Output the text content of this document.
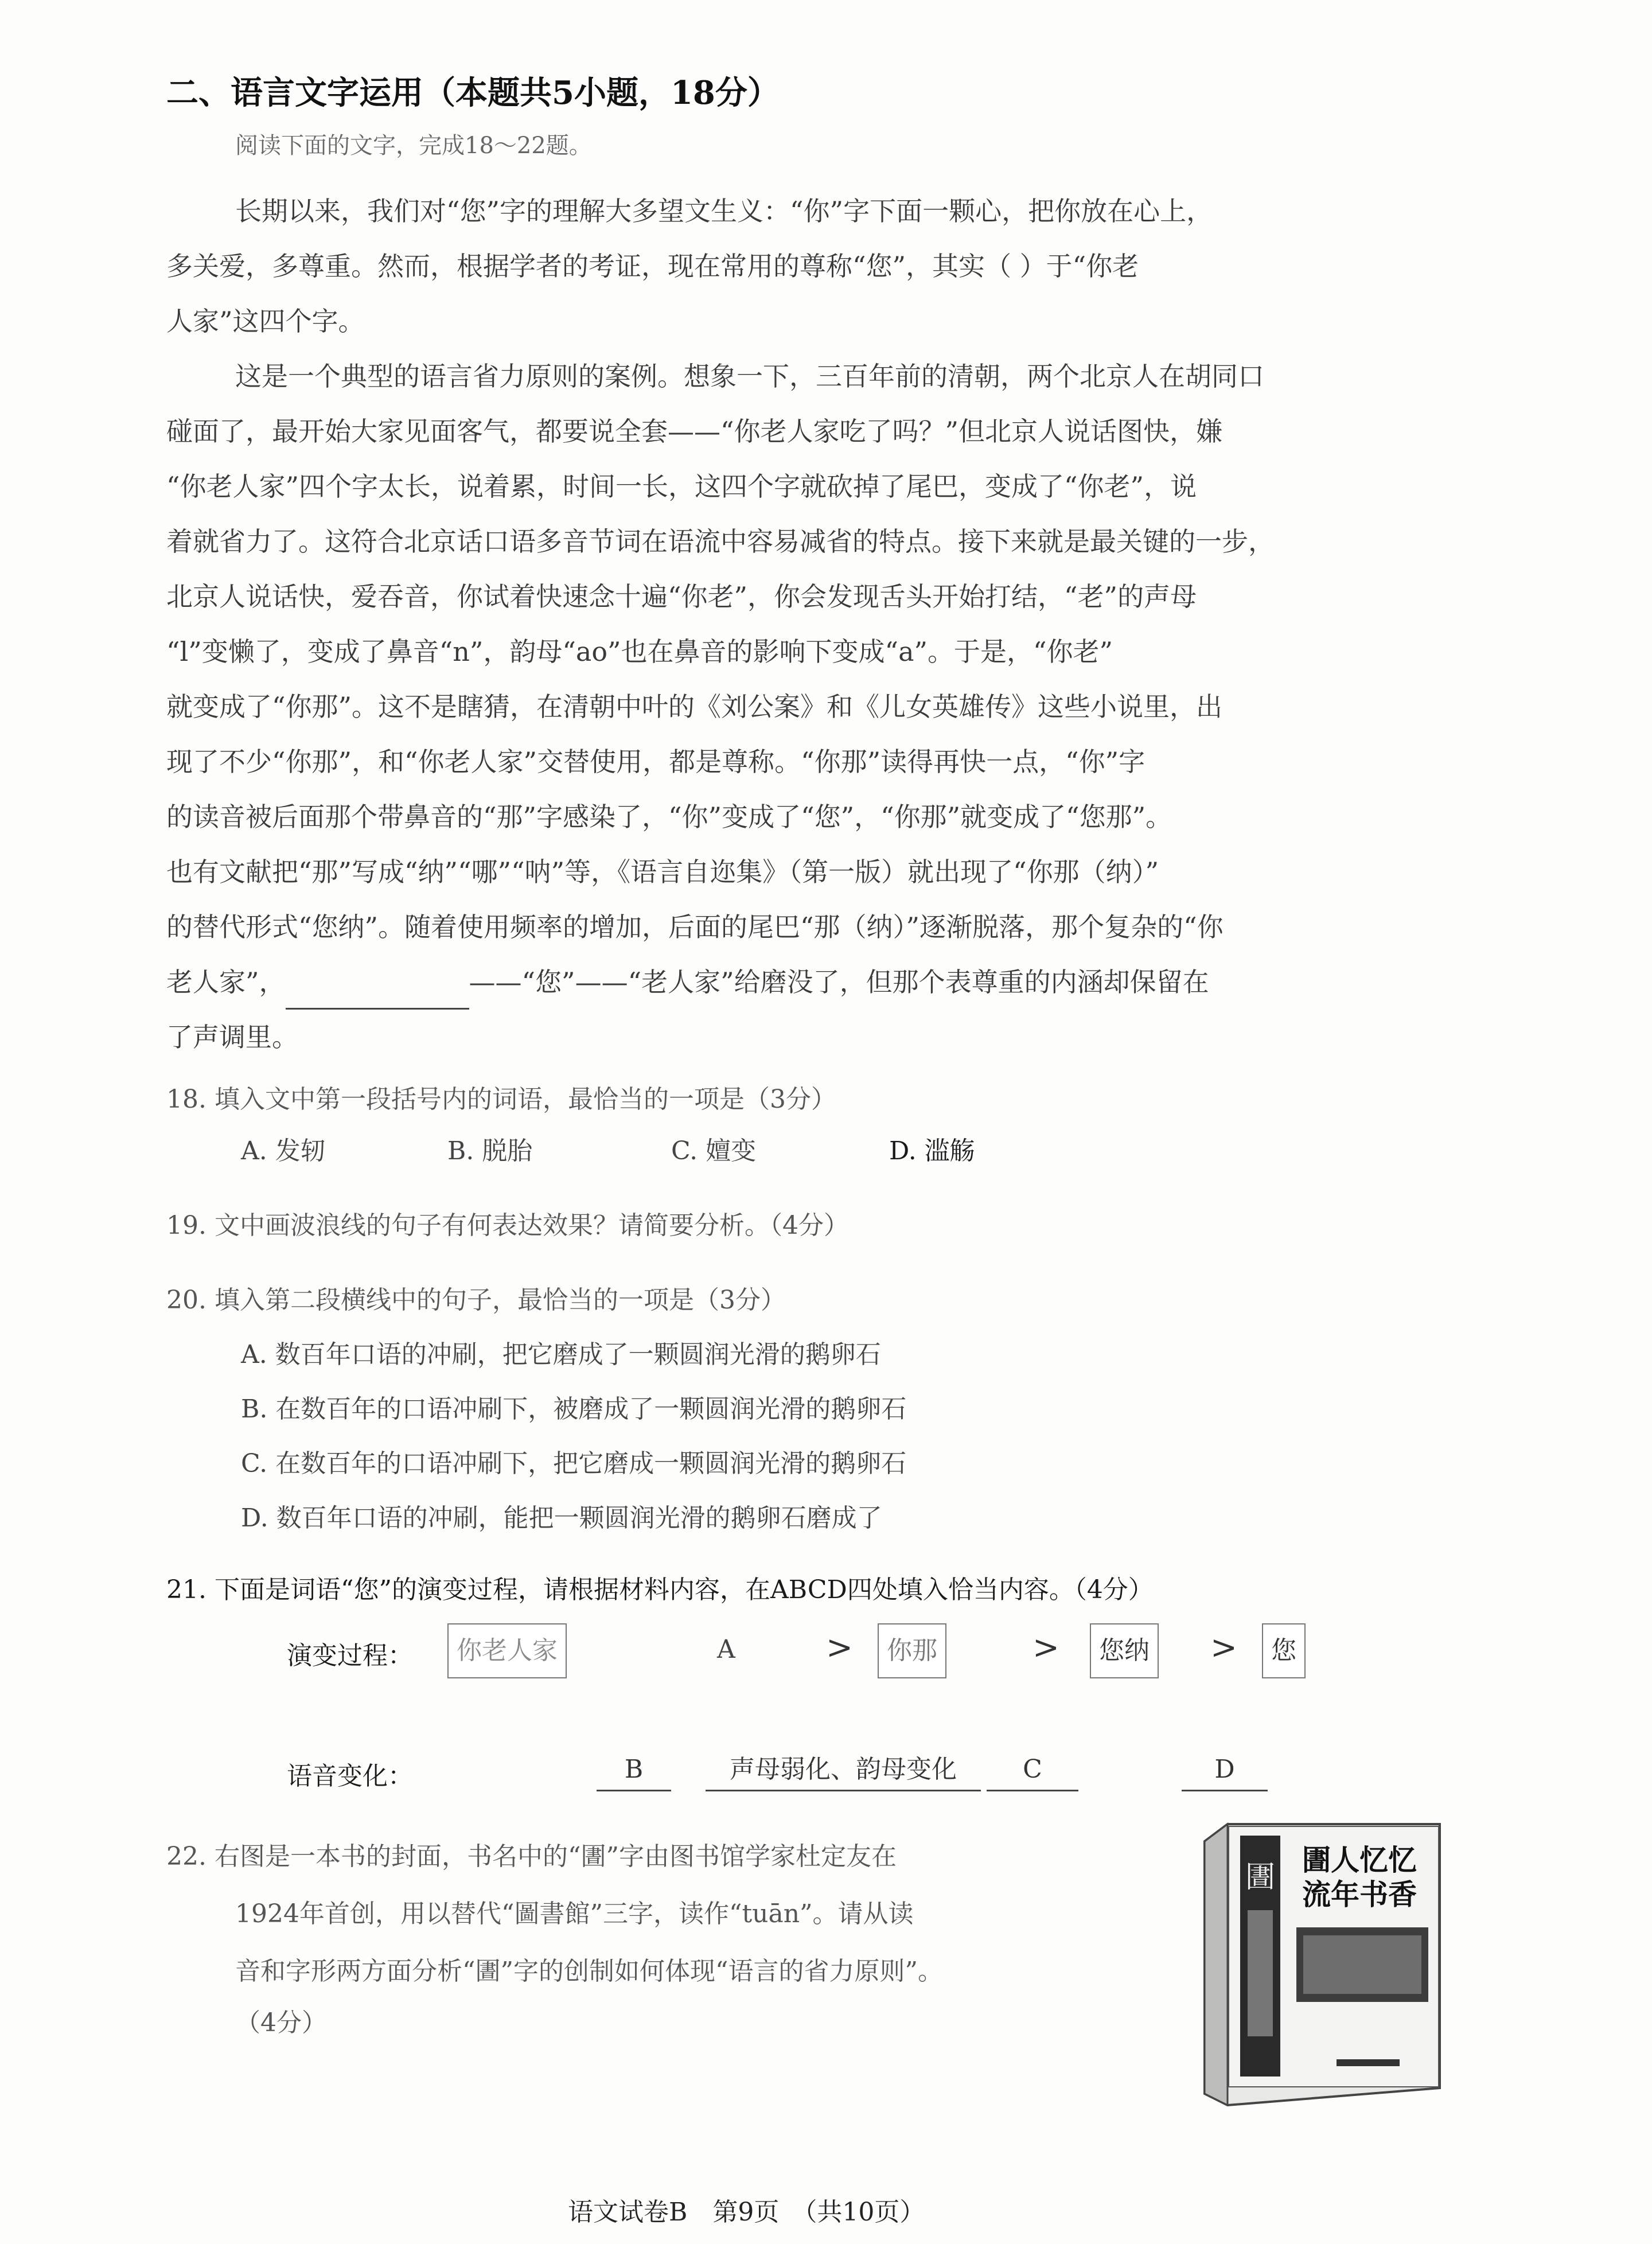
二、语言文字运用（本题共5小题，18分）
阅读下面的文字，完成18～22题。
长期以来，我们对“您”字的理解大多望文生义：“你”字下面一颗心，把你放在心上，
多关爱，多尊重。然而，根据学者的考证，现在常用的尊称“您”，其实（ ）于“你老
人家”这四个字。
这是一个典型的语言省力原则的案例。想象一下，三百年前的清朝，两个北京人在胡同口
碰面了，最开始大家见面客气，都要说全套——“你老人家吃了吗？”但北京人说话图快，嫌
“你老人家”四个字太长，说着累，时间一长，这四个字就砍掉了尾巴，变成了“你老”，说
着就省力了。这符合北京话口语多音节词在语流中容易减省的特点。接下来就是最关键的一步，
北京人说话快，爱吞音，你试着快速念十遍“你老”，你会发现舌头开始打结，“老”的声母
“l”变懒了，变成了鼻音“n”，韵母“ao”也在鼻音的影响下变成“a”。于是，“你老”
就变成了“你那”。这不是瞎猜，在清朝中叶的《刘公案》和《儿女英雄传》这些小说里，出
现了不少“你那”，和“你老人家”交替使用，都是尊称。“你那”读得再快一点，“你”字
的读音被后面那个带鼻音的“那”字感染了，“你”变成了“您”，“你那”就变成了“您那”。
也有文献把“那”写成“纳”“哪”“呐”等，《语言自迩集》（第一版）就出现了“你那（纳）”
的替代形式“您纳”。随着使用频率的增加，后面的尾巴“那（纳）”逐渐脱落，那个复杂的“你
老人家”，	——“您”——“老人家”给磨没了，但那个表尊重的内涵却保留在
了声调里。
18. 填入文中第一段括号内的词语，最恰当的一项是（3分）
A. 发轫	B. 脱胎	C. 嬗变	D. 滥觞
19. 文中画波浪线的句子有何表达效果？请简要分析。（4分）
20. 填入第二段横线中的句子，最恰当的一项是（3分）
A. 数百年口语的冲刷，把它磨成了一颗圆润光滑的鹅卵石
B. 在数百年的口语冲刷下，被磨成了一颗圆润光滑的鹅卵石
C. 在数百年的口语冲刷下，把它磨成一颗圆润光滑的鹅卵石
D. 数百年口语的冲刷，能把一颗圆润光滑的鹅卵石磨成了
21. 下面是词语“您”的演变过程，请根据材料内容，在ABCD四处填入恰当内容。（4分）
演变过程：	你老人家	A	>	你那	>	您纳 >	您
语音变化：	B	声母弱化、韵母变化	C	D
22. 右图是一本书的封面，书名中的“圕”字由图书馆学家杜定友在
1924年首创，用以替代“圖書館”三字，读作“tuān”。请从读
音和字形两方面分析“圕”字的创制如何体现“语言的省力原则”。
（4分）
圕
圕人忆忆
流年书香
语文试卷B　第9页　（共10页）
